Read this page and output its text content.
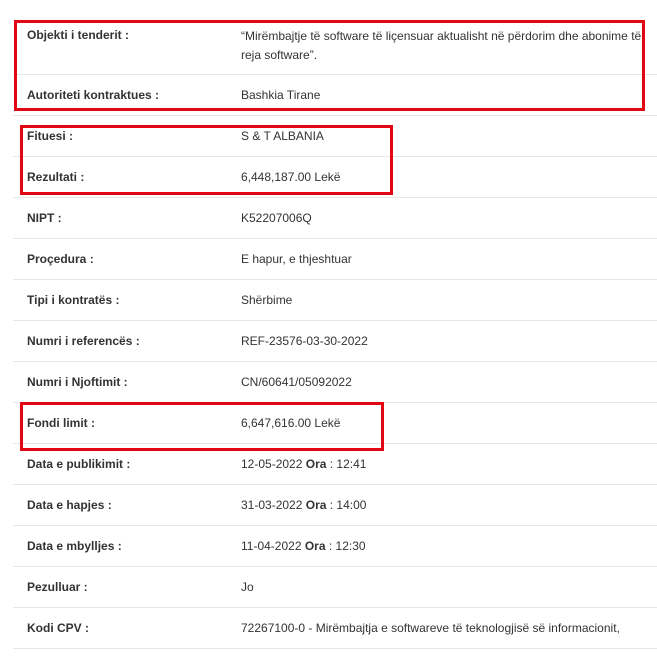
Objekti i tenderit :	“Mirëmbajtje të software të liçensuar aktualisht në përdorim dhe abonime të reja software”.
Autoriteti kontraktues :	Bashkia Tirane
Fituesi :	S & T ALBANIA
Rezultati :	6,448,187.00 Lekë
NIPT :	K52207006Q
Proçedura :	E hapur, e thjeshtuar
Tipi i kontratës :	Shërbime
Numri i referencës :	REF-23576-03-30-2022
Numri i Njoftimit :	CN/60641/05092022
Fondi limit :	6,647,616.00 Lekë
Data e publikimit :	12-05-2022 Ora : 12:41
Data e hapjes :	31-03-2022 Ora : 14:00
Data e mbylljes :	11-04-2022 Ora : 12:30
Pezulluar :	Jo
Kodi CPV :	72267100-0 - Mirëmbajtja e softwareve të teknologjisë së informacionit,
